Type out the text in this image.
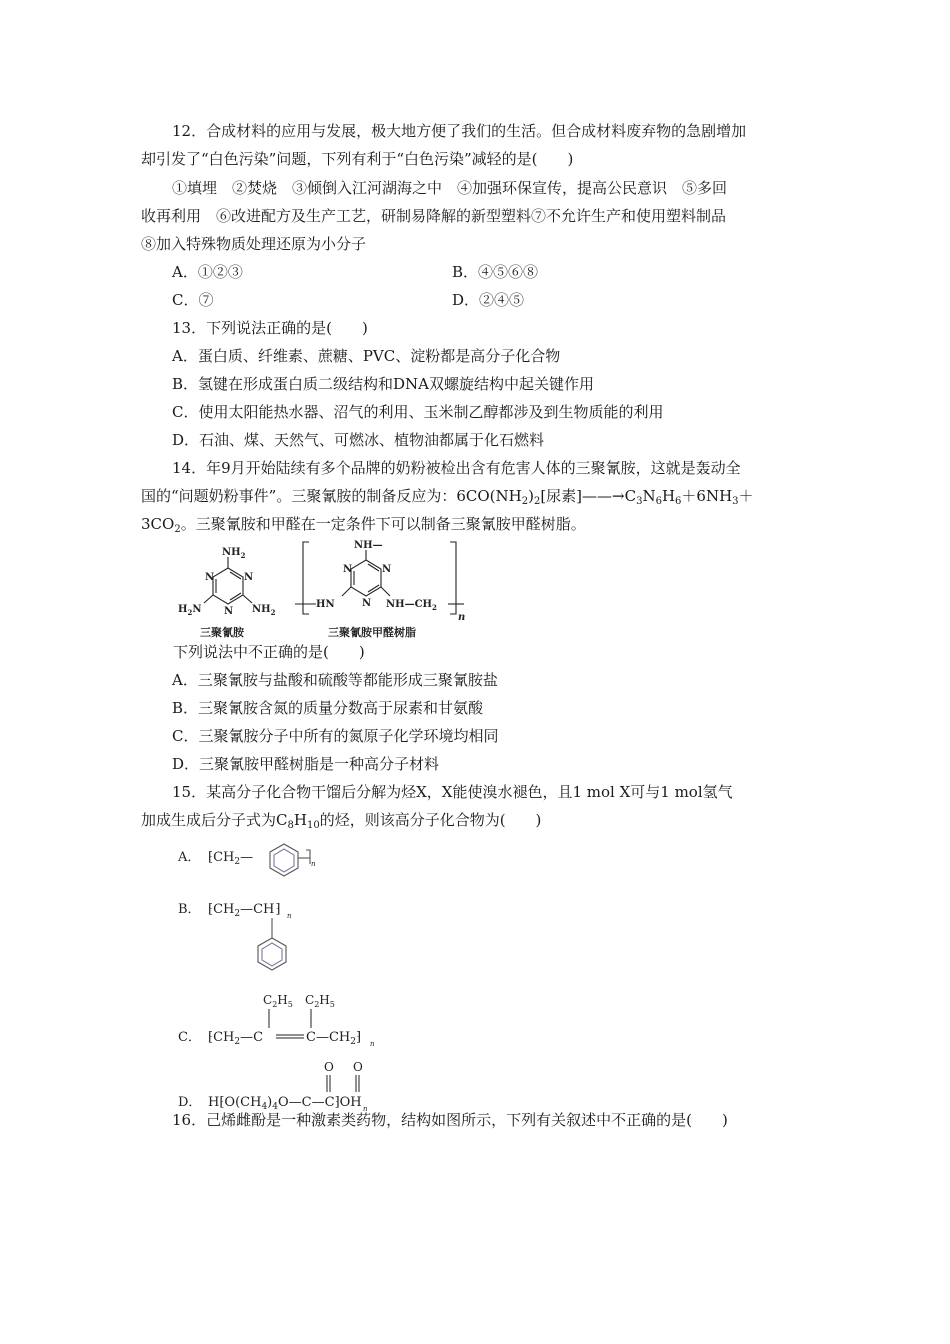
12．合成材料的应用与发展，极大地方便了我们的生活。但合成材料废弃物的急剧增加
却引发了“白色污染”问题，下列有利于“白色污染”减轻的是(　　)
①填埋　②焚烧　③倾倒入江河湖海之中　④加强环保宣传，提高公民意识　⑤多回
收再利用　⑥改进配方及生产工艺，研制易降解的新型塑料⑦不允许生产和使用塑料制品
⑧加入特殊物质处理还原为小分子
A．①②③	B．④⑤⑥⑧
C．⑦	D．②④⑤
13．下列说法正确的是(　　)
A．蛋白质、纤维素、蔗糖、PVC、淀粉都是高分子化合物
B．氢键在形成蛋白质二级结构和DNA双螺旋结构中起关键作用
C．使用太阳能热水器、沼气的利用、玉米制乙醇都涉及到生物质能的利用
D．石油、煤、天然气、可燃冰、植物油都属于化石燃料
14．年9月开始陆续有多个品牌的奶粉被检出含有危害人体的三聚氰胺，这就是轰动全
国的“问题奶粉事件”。三聚氰胺的制备反应为：$6CO(NH_2)_2$[尿素]$——\to C_3N_6H_6+6NH_3+$
$3CO_2$。三聚氰胺和甲醛在一定条件下可以制备三聚氰胺甲醛树脂。
$NH_2$
N	N
N
$H_2N$	$NH_2$
三聚氰胺
NH—
N	N
N
HN	$NH—CH_2$
n
三聚氰胺甲醛树脂
下列说法中不正确的是(　　)
A．三聚氰胺与盐酸和硫酸等都能形成三聚氰胺盐
B．三聚氰胺含氮的质量分数高于尿素和甘氨酸
C．三聚氰胺分子中所有的氮原子化学环境均相同
D．三聚氰胺甲醛树脂是一种高分子材料
15．某高分子化合物干馏后分解为烃X，X能使溴水褪色，且1 mol X可与1 mol氢气
加成生成后分子式为$C_8H_{10}$的烃，则该高分子化合物为(　　)
A． $⁅CH_2—$	n
B． $⁅CH_2—CH⁆$ n
$C_2H_5$ $C_2H_5$
C． $⁅CH_2—C$	$C—CH_2⁆$ n
O O
D． $H⁅O(CH_4)_4O—C—C⁆OH$ n
16．己烯雌酚是一种激素类药物，结构如图所示，下列有关叙述中不正确的是(　　)
